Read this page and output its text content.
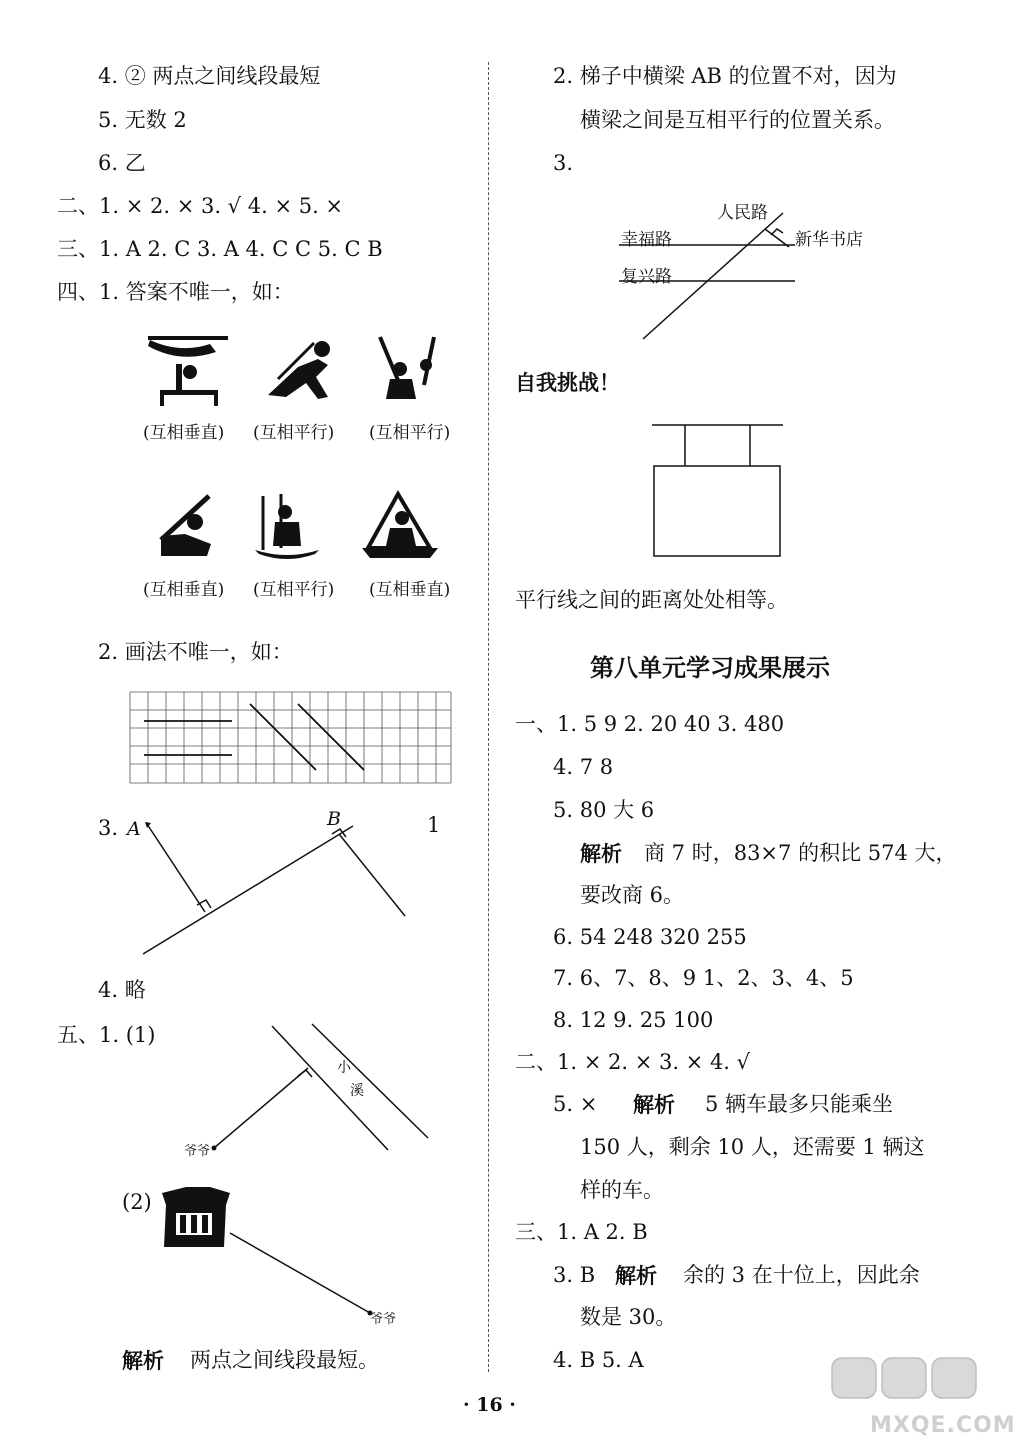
4. ② 两点之间线段最短
5. 无数 2
6. 乙
二、1. × 2. × 3. √ 4. × 5. ×
三、1. A 2. C 3. A 4. C C 5. C B
四、1. 答案不唯一，如：
(互相垂直) (互相平行) (互相平行)
(互相垂直) (互相平行) (互相垂直)
2. 画法不唯一，如：
3. A	B	1
4. 略
五、1. (1)
小
溪
爷爷
(2)
爷爷
解析 两点之间线段最短。
2. 梯子中横梁 AB 的位置不对，因为
横梁之间是互相平行的位置关系。
3.
人民路
幸福路	新华书店
复兴路
自我挑战！
平行线之间的距离处处相等。
第八单元学习成果展示
一、1. 5 9 2. 20 40 3. 480
4. 7 8
5. 80 大 6
解析 商 7 时，83×7 的积比 574 大，
要改商 6。
6. 54 248 320 255
7. 6、7、8、9 1、2、3、4、5
8. 12 9. 25 100
二、1. × 2. × 3. × 4. √
5. × 解析 5 辆车最多只能乘坐
150 人，剩余 10 人，还需要 1 辆这
样的车。
三、1. A 2. B
3. B 解析 余的 3 在十位上，因此余
数是 30。
4. B 5. A
· 16 ·
MXQE.COM
